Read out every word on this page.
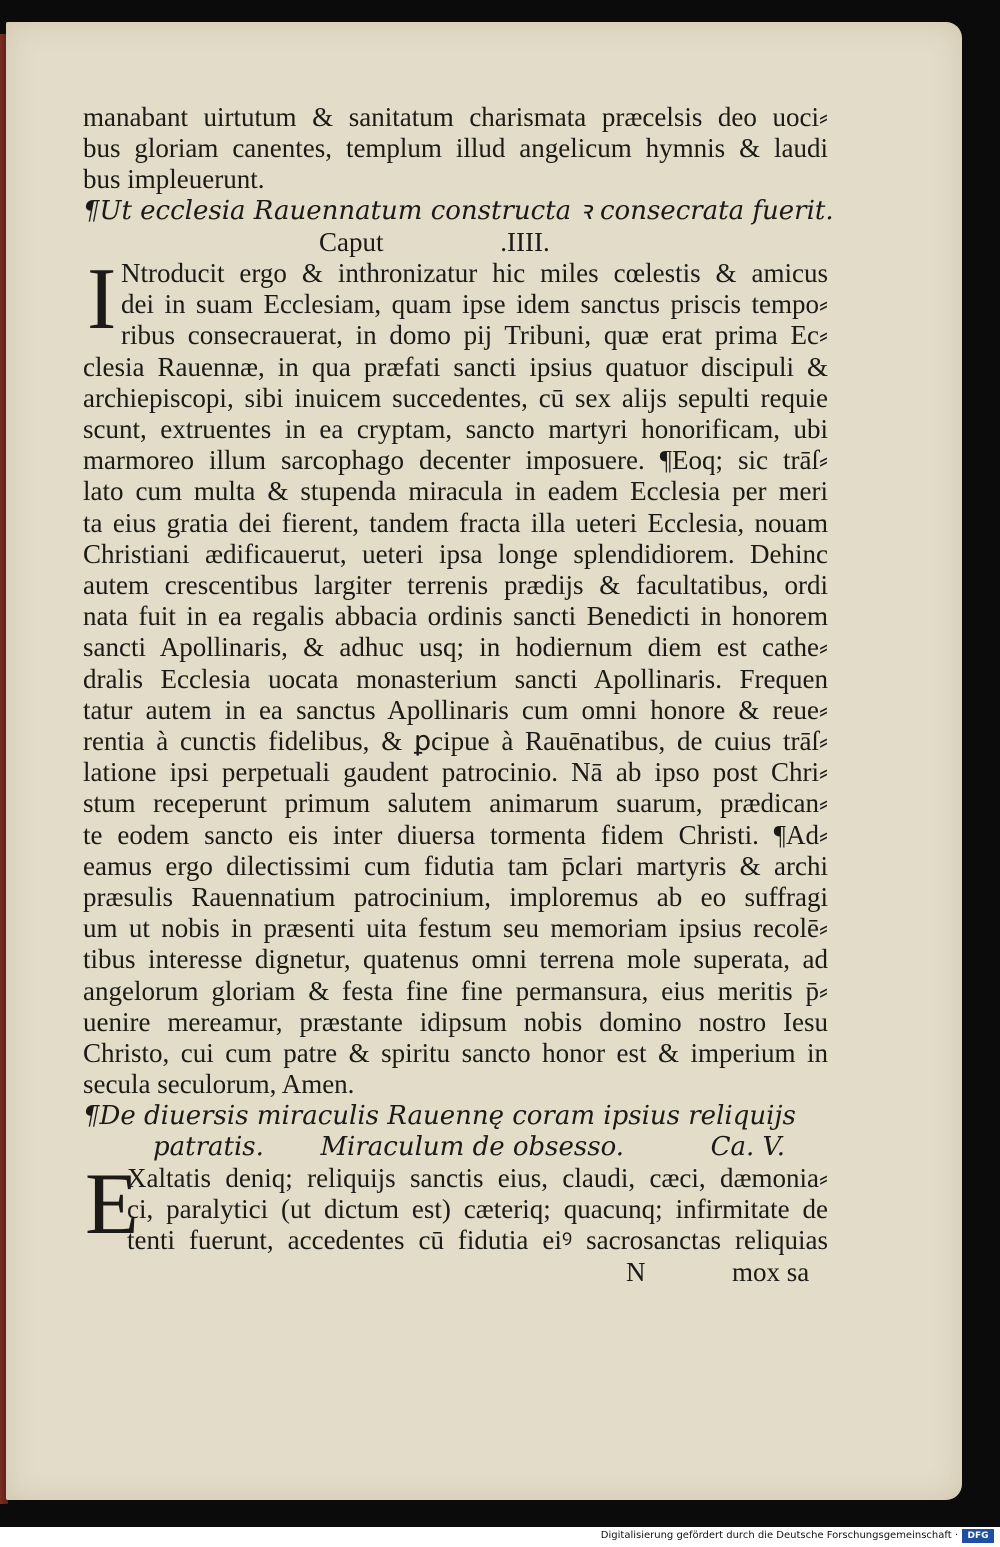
manabant uirtutum & sanitatum charismata præcelsis deo uoci⸗
bus gloriam canentes, templum illud angelicum hymnis & laudi
bus impleuerunt.
¶Ut ecclesia Rauennatum constructa ꝛ consecrata fuerit.
Caput	.IIII.
I Ntroducit ergo & inthronizatur hic miles cœlestis & amicus
dei in suam Ecclesiam, quam ipse idem sanctus priscis tempo⸗
ribus consecrauerat, in domo pij Tribuni, quæ erat prima Ec⸗
clesia Rauennæ, in qua præfati sancti ipsius quatuor discipuli &
archiepiscopi, sibi inuicem succedentes, cū sex alijs sepulti requie
scunt, extruentes in ea cryptam, sancto martyri honorificam, ubi
marmoreo illum sarcophago decenter imposuere. ¶Eoq; sic trāſ⸗
lato cum multa & stupenda miracula in eadem Ecclesia per meri
ta eius gratia dei fierent, tandem fracta illa ueteri Ecclesia, nouam
Christiani ædificauerut, ueteri ipsa longe splendidiorem. Dehinc
autem crescentibus largiter terrenis prædijs & facultatibus, ordi
nata fuit in ea regalis abbacia ordinis sancti Benedicti in honorem
sancti Apollinaris, & adhuc usq; in hodiernum diem est cathe⸗
dralis Ecclesia uocata monasterium sancti Apollinaris. Frequen
tatur autem in ea sanctus Apollinaris cum omni honore & reue⸗
rentia à cunctis fidelibus, & ꝑcipue à Rauēnatibus, de cuius trāſ⸗
latione ipsi perpetuali gaudent patrocinio. Nā ab ipso post Chri⸗
stum receperunt primum salutem animarum suarum, prædican⸗
te eodem sancto eis inter diuersa tormenta fidem Christi. ¶Ad⸗
eamus ergo dilectissimi cum fidutia tam p̄clari martyris & archi
præsulis Rauennatium patrocinium, imploremus ab eo suffragi
um ut nobis in præsenti uita festum seu memoriam ipsius recolē⸗
tibus interesse dignetur, quatenus omni terrena mole superata, ad
angelorum gloriam & festa fine fine permansura, eius meritis p̄⸗
uenire mereamur, præstante idipsum nobis domino nostro Iesu
Christo, cui cum patre & spiritu sancto honor est & imperium in
secula seculorum, Amen.
¶De diuersis miraculis Rauennę coram ipsius reliquijs
patratis. Miraculum de obsesso.	Ca. V.
E
Xaltatis deniq; reliquijs sanctis eius, claudi, cæci, dæmonia⸗
ci, paralytici (ut dictum est) cæteriq; quacunq; infirmitate de
tenti fuerunt, accedentes cū fidutia eiꝰ sacrosanctas reliquias
N	mox sa
Digitalisierung gefördert durch die Deutsche Forschungsgemeinschaft ·	DFG
